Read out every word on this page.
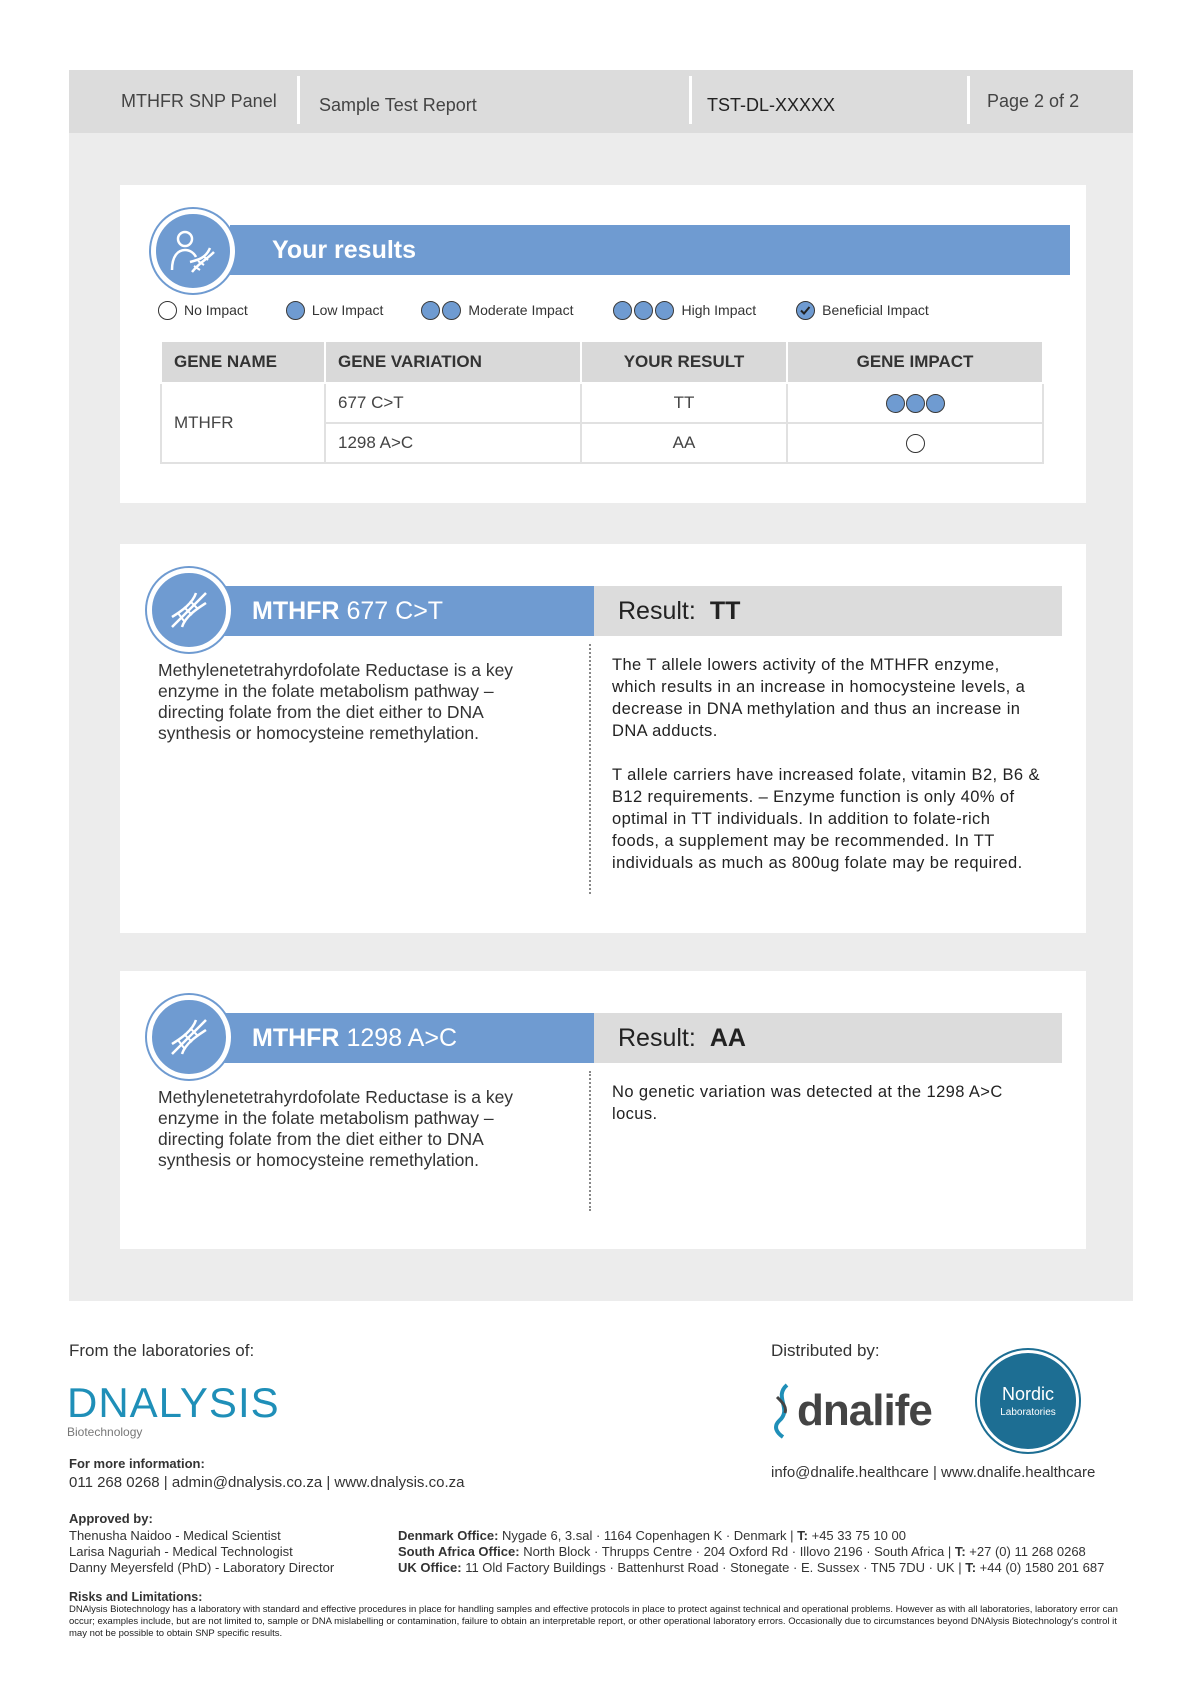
MTHFR SNP Panel Sample Test Report	TST-DL-XXXXX	Page 2 of 2
Your results
No Impact	Low Impact	Moderate Impact	High Impact	Beneficial Impact
GENE NAME	GENE VARIATION	YOUR RESULT	GENE IMPACT
MTHFR	677 C>T	TT	
	1298 A>C	AA	
MTHFR 677 C>T	Result: TT
Methylenetetrahyrdofolate Reductase is a key enzyme in the folate metabolism pathway – directing folate from the diet either to DNA synthesis or homocysteine remethylation.
The T allele lowers activity of the MTHFR enzyme, which results in an increase in homocysteine levels, a decrease in DNA methylation and thus an increase in DNA adducts.
T allele carriers have increased folate, vitamin B2, B6 & B12 requirements. – Enzyme function is only 40% of optimal in TT individuals. In addition to folate-rich foods, a supplement may be recommended. In TT individuals as much as 800ug folate may be required.
MTHFR 1298 A>C	Result: AA
Methylenetetrahyrdofolate Reductase is a key enzyme in the folate metabolism pathway – directing folate from the diet either to DNA synthesis or homocysteine remethylation.
No genetic variation was detected at the 1298 A>C locus.
From the laboratories of:
DNALYSIS
Biotechnology
For more information:
011 268 0268 | admin@dnalysis.co.za | www.dnalysis.co.za
Distributed by:
dnalife	Nordic
Laboratories
info@dnalife.healthcare | www.dnalife.healthcare
Approved by:
Thenusha Naidoo - Medical Scientist
Larisa Naguriah - Medical Technologist
Danny Meyersfeld (PhD) - Laboratory Director
Denmark Office: Nygade 6, 3.sal · 1164 Copenhagen K · Denmark | T: +45 33 75 10 00
South Africa Office: North Block · Thrupps Centre · 204 Oxford Rd · Illovo 2196 · South Africa | T: +27 (0) 11 268 0268
UK Office: 11 Old Factory Buildings · Battenhurst Road · Stonegate · E. Sussex · TN5 7DU · UK | T: +44 (0) 1580 201 687
Risks and Limitations:
DNAlysis Biotechnology has a laboratory with standard and effective procedures in place for handling samples and effective protocols in place to protect against technical and operational problems. However as with all laboratories, laboratory error can occur; examples include, but are not limited to, sample or DNA mislabelling or contamination, failure to obtain an interpretable report, or other operational laboratory errors. Occasionally due to circumstances beyond DNAlysis Biotechnology's control it may not be possible to obtain SNP specific results.
